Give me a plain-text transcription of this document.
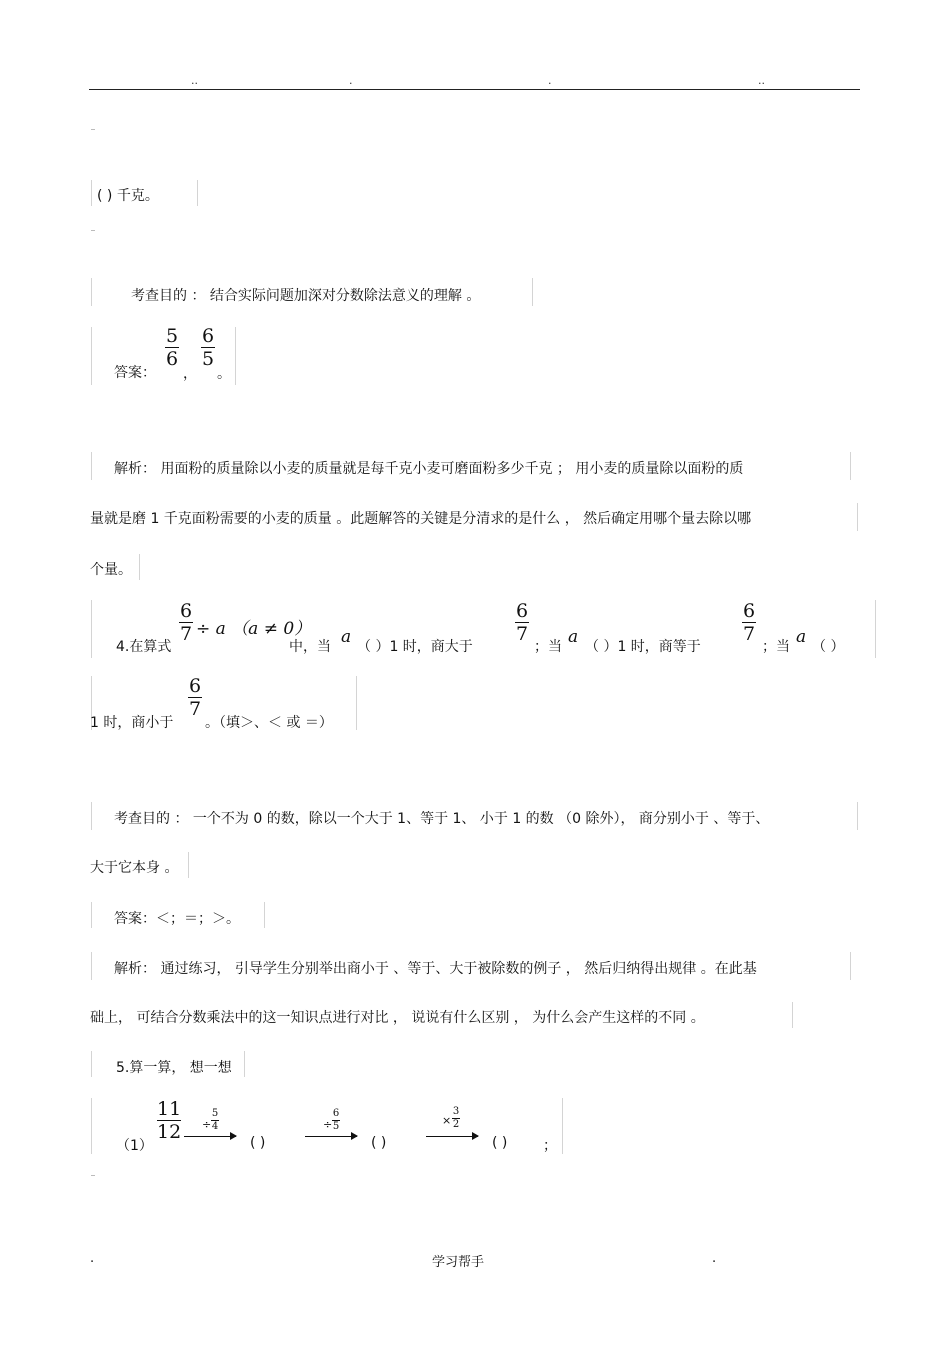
..	.	.	..
( ) 千克。
考查目的 ： 结合实际问题加深对分数除法意义的理解 。
答案：
5
6
，
6
5
。
解析： 用面粉的质量除以小麦的质量就是每千克小麦可磨面粉多少千克 ； 用小麦的质量除以面粉的质
量就是磨 1 千克面粉需要的小麦的质量 。此题解答的关键是分清求的是什么 ， 然后确定用哪个量去除以哪
个量。
4.在算式
6
7 ÷ a （a ≠ 0）
中，当 a （ ）1 时，商大于
6
7
；当 a （ ）1 时，商等于
6
7
；当 a （ ）
1 时，商小于
6
7
。（填＞、＜ 或 ＝）
考查目的 ： 一个不为 0 的数，除以一个大于 1、等于 1、 小于 1 的数 （0 除外）， 商分别小于 、等于、
大于它本身 。
答案：＜；＝；＞。
解析： 通过练习， 引导学生分别举出商小于 、等于、大于被除数的例子 ， 然后归纳得出规律 。在此基
础上， 可结合分数乘法中的这一知识点进行对比 ， 说说有什么区别 ， 为什么会产生这样的不同 。
5.算一算， 想一想
（1）
11
12 ÷
5
4
( )
÷
6
5
( )
×
3
2
( )	；
.	学习帮手	.
